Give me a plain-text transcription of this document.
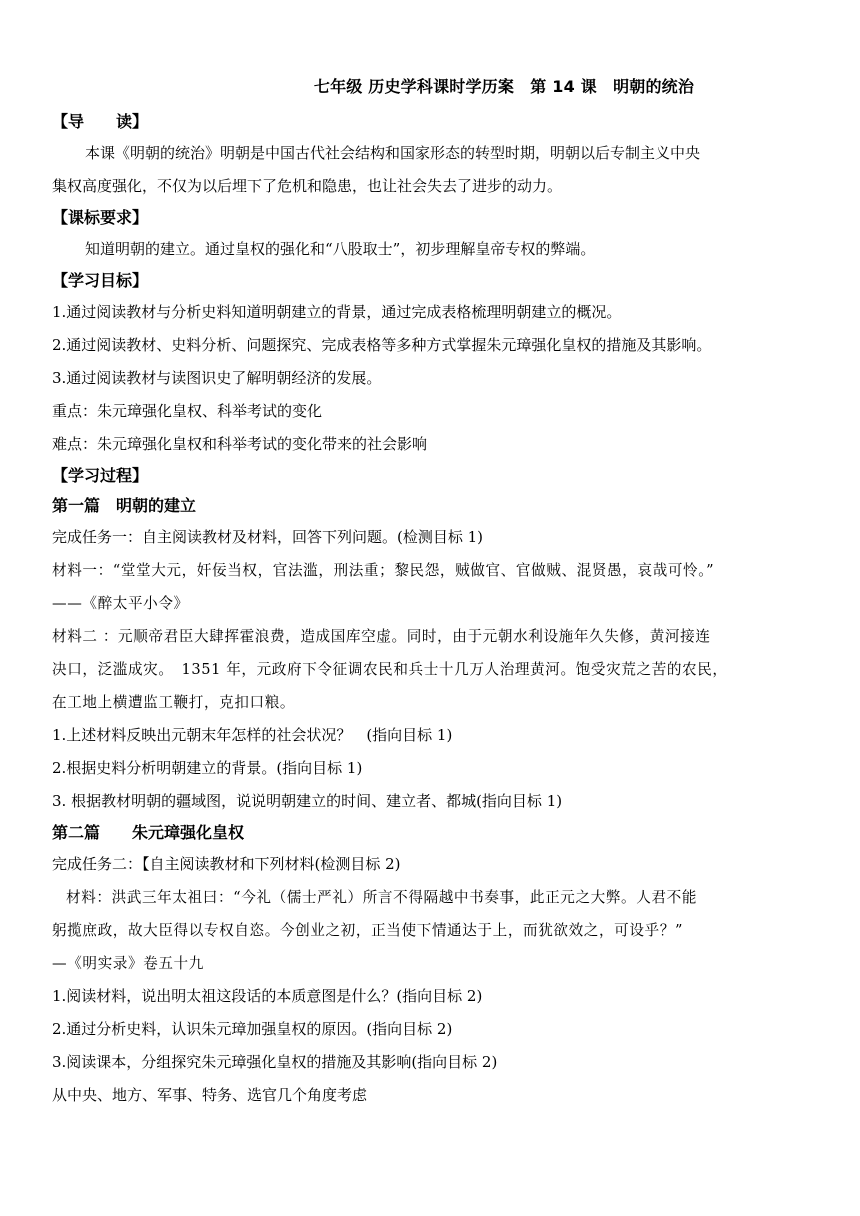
七年级 历史学科课时学历案　第 14 课　明朝的统治
【导　　读】
本课《明朝的统治》明朝是中国古代社会结构和国家形态的转型时期，明朝以后专制主义中央
集权高度强化，不仅为以后埋下了危机和隐患，也让社会失去了进步的动力。
【课标要求】
知道明朝的建立。通过皇权的强化和“八股取士”，初步理解皇帝专权的弊端。
【学习目标】
1.通过阅读教材与分析史料知道明朝建立的背景，通过完成表格梳理明朝建立的概况。
2.通过阅读教材、史料分析、问题探究、完成表格等多种方式掌握朱元璋强化皇权的措施及其影响。
3.通过阅读教材与读图识史了解明朝经济的发展。
重点：朱元璋强化皇权、科举考试的变化
难点：朱元璋强化皇权和科举考试的变化带来的社会影响
【学习过程】
第一篇　明朝的建立
完成任务一：自主阅读教材及材料，回答下列问题。(检测目标 1)
材料一：“堂堂大元，奸佞当权，官法滥，刑法重；黎民怨，贼做官、官做贼、混贤愚，哀哉可怜。”
——《醉太平小令》
材料二 ：元顺帝君臣大肆挥霍浪费，造成国库空虚。同时，由于元朝水利设施年久失修，黄河接连
决口，泛滥成灾。　1351 年，元政府下令征调农民和兵士十几万人治理黄河。饱受灾荒之苦的农民，
在工地上横遭监工鞭打，克扣口粮。
1.上述材料反映出元朝末年怎样的社会状况？　(指向目标 1)
2.根据史料分析明朝建立的背景。(指向目标 1)
3. 根据教材明朝的疆域图，说说明朝建立的时间、建立者、都城(指向目标 1)
第二篇　　朱元璋强化皇权
完成任务二：【自主阅读教材和下列材料(检测目标 2)
材料：洪武三年太祖曰：“今礼（儒士严礼）所言不得隔越中书奏事，此正元之大弊。人君不能
躬揽庶政，故大臣得以专权自恣。今创业之初，正当使下情通达于上，而犹欲效之，可设乎？”
—《明实录》卷五十九
1.阅读材料，说出明太祖这段话的本质意图是什么？(指向目标 2)
2.通过分析史料，认识朱元璋加强皇权的原因。(指向目标 2)
3.阅读课本，分组探究朱元璋强化皇权的措施及其影响(指向目标 2)
从中央、地方、军事、特务、选官几个角度考虑
